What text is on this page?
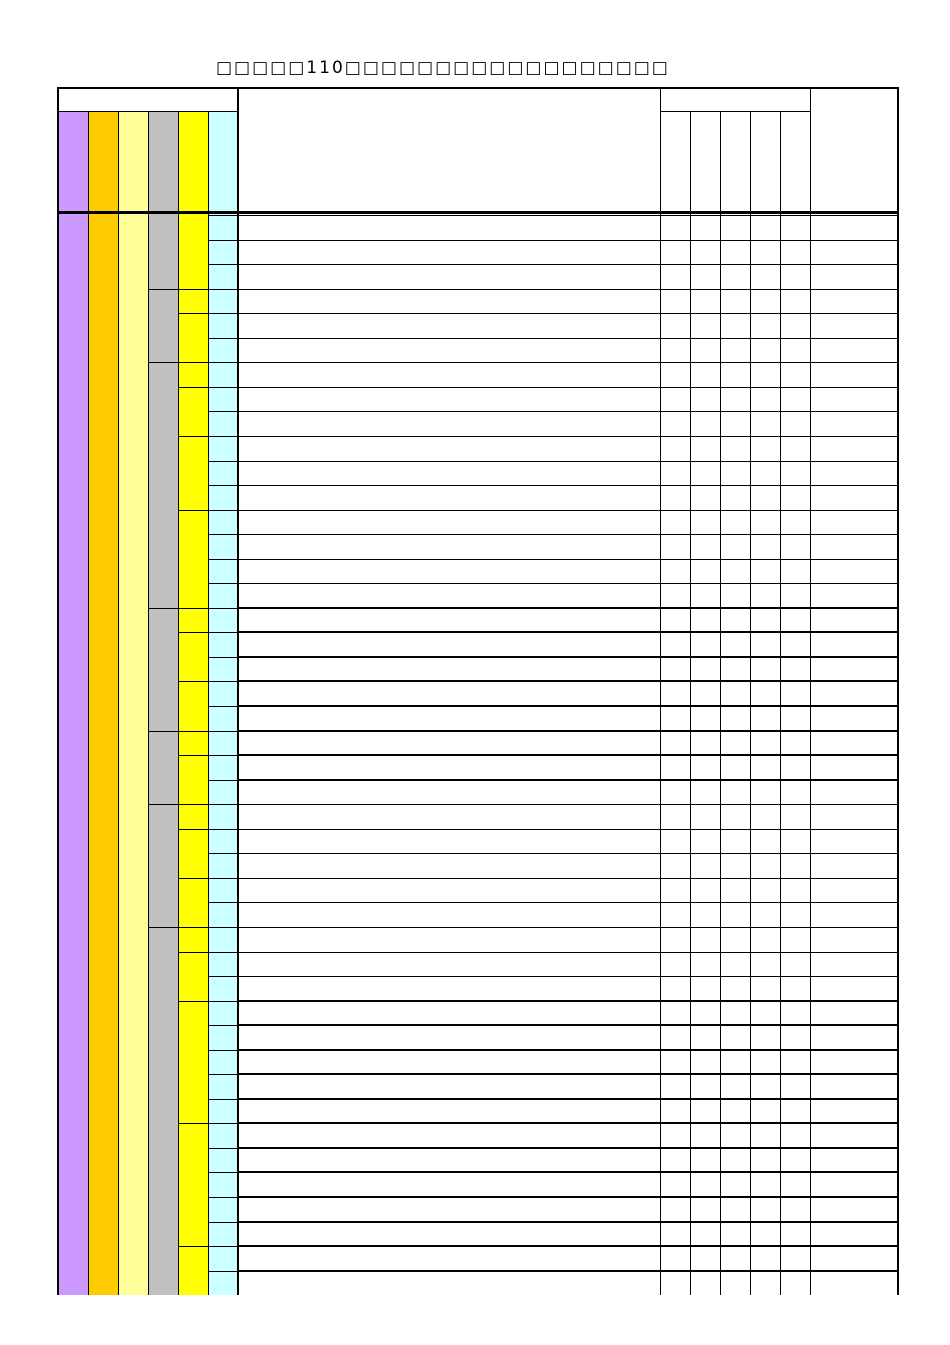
□□□□□110□□□□□□□□□□□□□□□□□□
